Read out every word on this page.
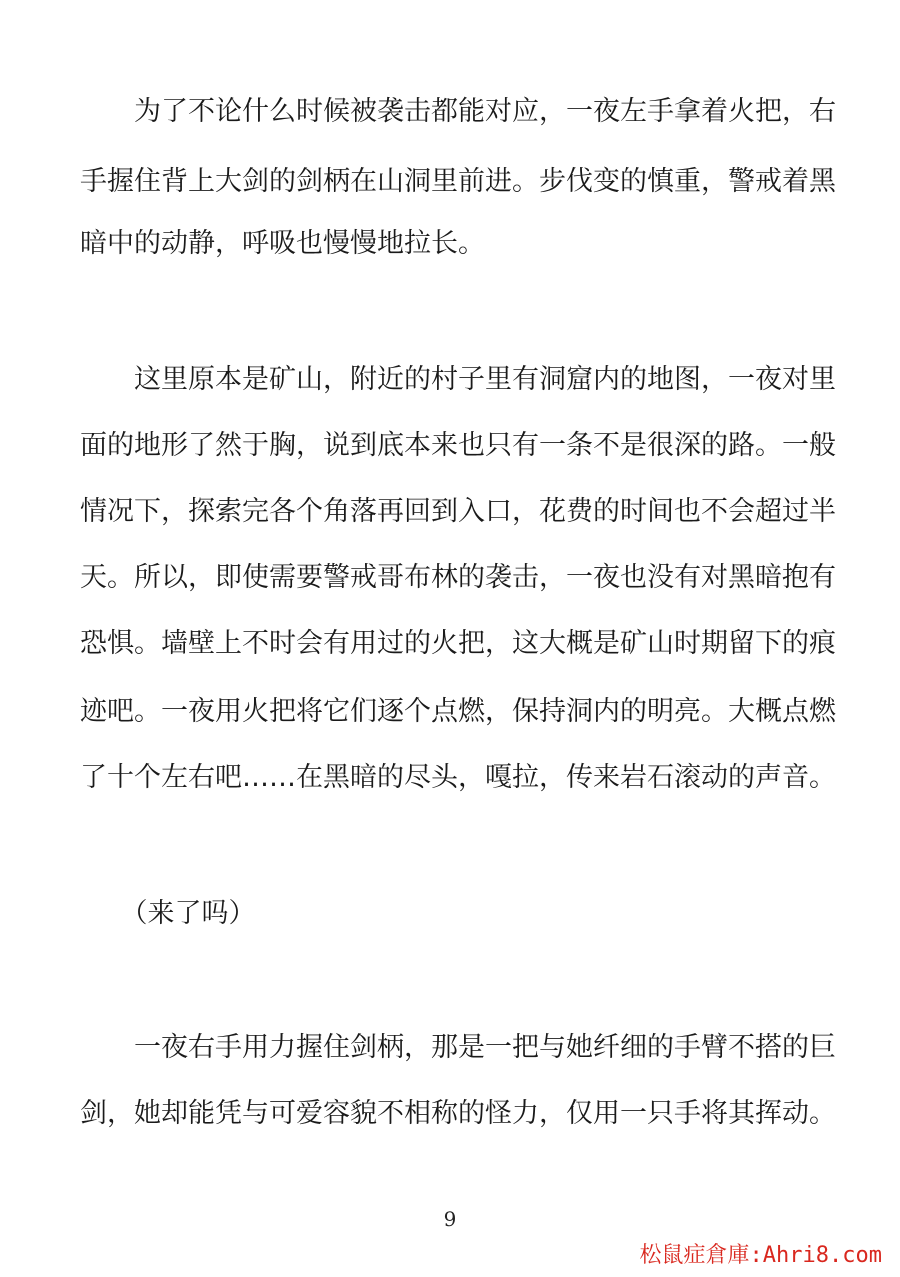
　　为了不论什么时候被袭击都能对应，一夜左手拿着火把，右
手握住背上大剑的剑柄在山洞里前进。步伐变的慎重，警戒着黑
暗中的动静，呼吸也慢慢地拉长。
　　这里原本是矿山，附近的村子里有洞窟内的地图，一夜对里
面的地形了然于胸，说到底本来也只有一条不是很深的路。一般
情况下，探索完各个角落再回到入口，花费的时间也不会超过半
天。所以，即使需要警戒哥布林的袭击，一夜也没有对黑暗抱有
恐惧。墙壁上不时会有用过的火把，这大概是矿山时期留下的痕
迹吧。一夜用火把将它们逐个点燃，保持洞内的明亮。大概点燃
了十个左右吧……在黑暗的尽头，嘎拉，传来岩石滚动的声音。
　　（来了吗）
　　一夜右手用力握住剑柄，那是一把与她纤细的手臂不搭的巨
剑，她却能凭与可爱容貌不相称的怪力，仅用一只手将其挥动。
9
松鼠症倉庫:Ahri8.com
